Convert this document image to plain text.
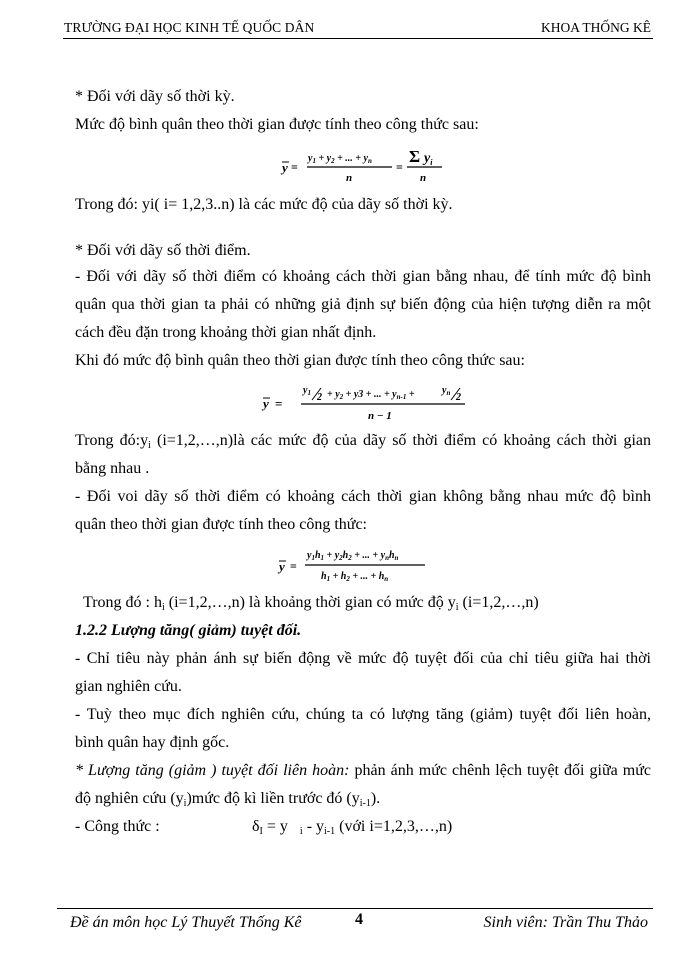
TRƯỜNG ĐẠI HỌC KINH TẾ QUỐC DÂN	KHOA THỐNG KÊ
* Đối với dãy số thời kỳ.
Mức độ bình quân theo thời gian được tính theo công thức sau:
y =
$y_1 + y_2$ + ... + $y_n$
n
=
Σ $y_i$
n
Trong đó: yi( i= 1,2,3..n) là các mức độ của dãy số thời kỳ.
* Đối với dãy số thời điểm.
- Đối với dãy số thời điểm có khoảng cách thời gian bằng nhau, để tính mức độ bình
quân qua thời gian ta phải có những giả định sự biến động của hiện tượng diễn ra một
cách đều đặn trong khoảng thời gian nhất định.
Khi đó mức độ bình quân theo thời gian được tính theo công thức sau:
y =
$y_1$ $2 + y_2 + y3$ + ... + $y_{n-1}$ +	$y_n$ 2
n − 1
Trong $đó:y_i$ (i=1,2,…,n)là các mức độ của dãy số thời điểm có khoảng cách thời gian
bằng nhau .
- Đối voi dãy số thời điểm có khoảng cách thời gian không bằng nhau mức độ bình
quân theo thời gian được tính theo công thức:
y =
$y_1h_1 + y_2h_2$ + ... + $y_nh_n$
$h_1 + h_2$ + ... + $h_n$
Trong đó : $h_i$ (i=1,2,…,n) là khoảng thời gian có mức độ $y_i$ (i=1,2,…,n)
1.2.2 Lượng tăng( giảm) tuyệt đối.
- Chỉ tiêu này phản ánh sự biến động về mức độ tuyệt đối của chỉ tiêu giữa hai thời
gian nghiên cứu.
- Tuỳ theo mục đích nghiên cứu, chúng ta có lượng tăng (giảm) tuyệt đối liên hoàn,
bình quân hay định gốc.
* Lượng tăng (giảm ) tuyệt đối liên hoàn: phản ánh mức chênh lệch tuyệt đối giữa mức
độ nghiên cứu $(y_i)mức$ độ kì liền trước đó $(y_{i-1})$.
- Công thức :	$\delta_I = y$ $_i - y_{i-1}$ (với i=1,2,3,…,n)
Đề án môn học Lý Thuyết Thống Kê	4	Sinh viên: Trần Thu Thảo
